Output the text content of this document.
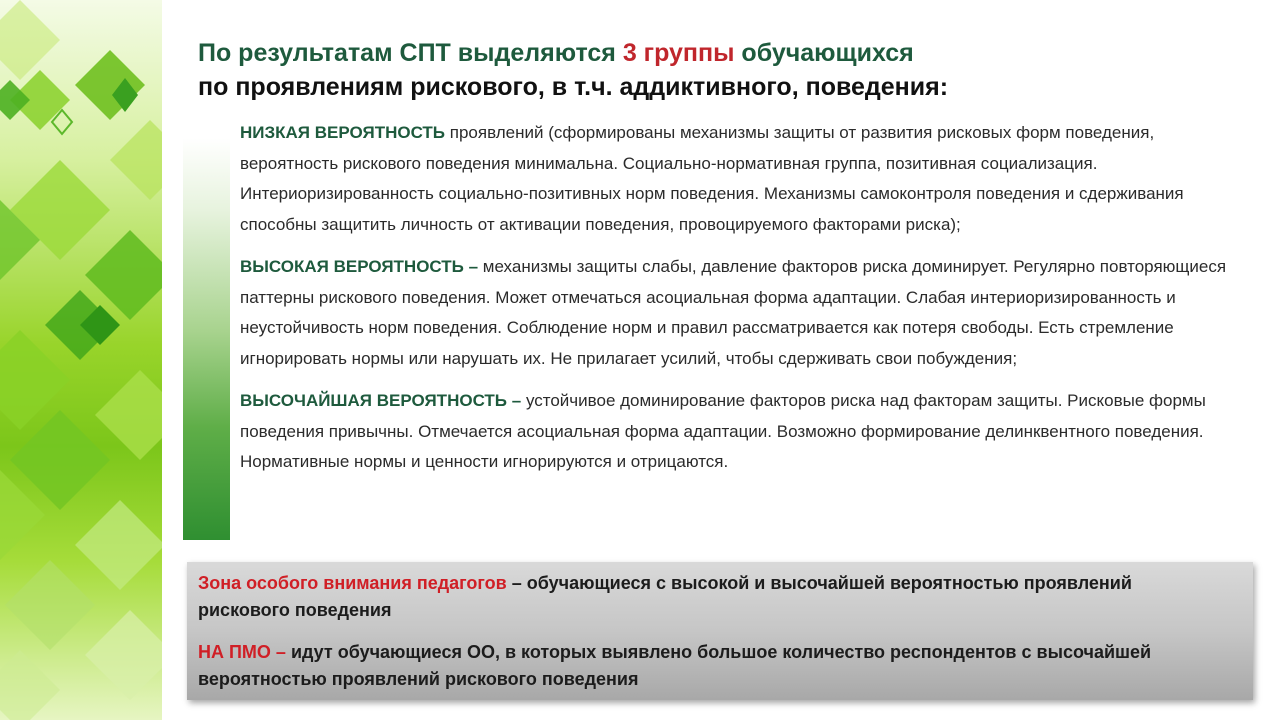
По результатам СПТ выделяются 3 группы обучающихся
по проявлениям рискового, в т.ч. аддиктивного, поведения:

НИЗКАЯ ВЕРОЯТНОСТЬ проявлений (сформированы механизмы защиты от развития рисковых форм поведения, вероятность рискового поведения минимальна. Социально-нормативная группа, позитивная социализация. Интериоризированность социально-позитивных норм поведения. Механизмы самоконтроля поведения и сдерживания способны защитить личность от активации поведения, провоцируемого факторами риска);

ВЫСОКАЯ ВЕРОЯТНОСТЬ – механизмы защиты слабы, давление факторов риска доминирует. Регулярно повторяющиеся паттерны рискового поведения. Может отмечаться асоциальная форма адаптации. Слабая интериоризированность и неустойчивость норм поведения. Соблюдение норм и правил рассматривается как потеря свободы. Есть стремление игнорировать нормы или нарушать их. Не прилагает усилий, чтобы сдерживать свои побуждения;

ВЫСОЧАЙШАЯ ВЕРОЯТНОСТЬ – устойчивое доминирование факторов риска над факторам защиты. Рисковые формы поведения привычны. Отмечается асоциальная форма адаптации. Возможно формирование делинквентного поведения. Нормативные нормы и ценности игнорируются и отрицаются.

Зона особого внимания педагогов – обучающиеся с высокой и высочайшей вероятностью проявлений рискового поведения

НА ПМО – идут обучающиеся ОО, в которых выявлено большое количество респондентов с высочайшей вероятностью проявлений рискового поведения
